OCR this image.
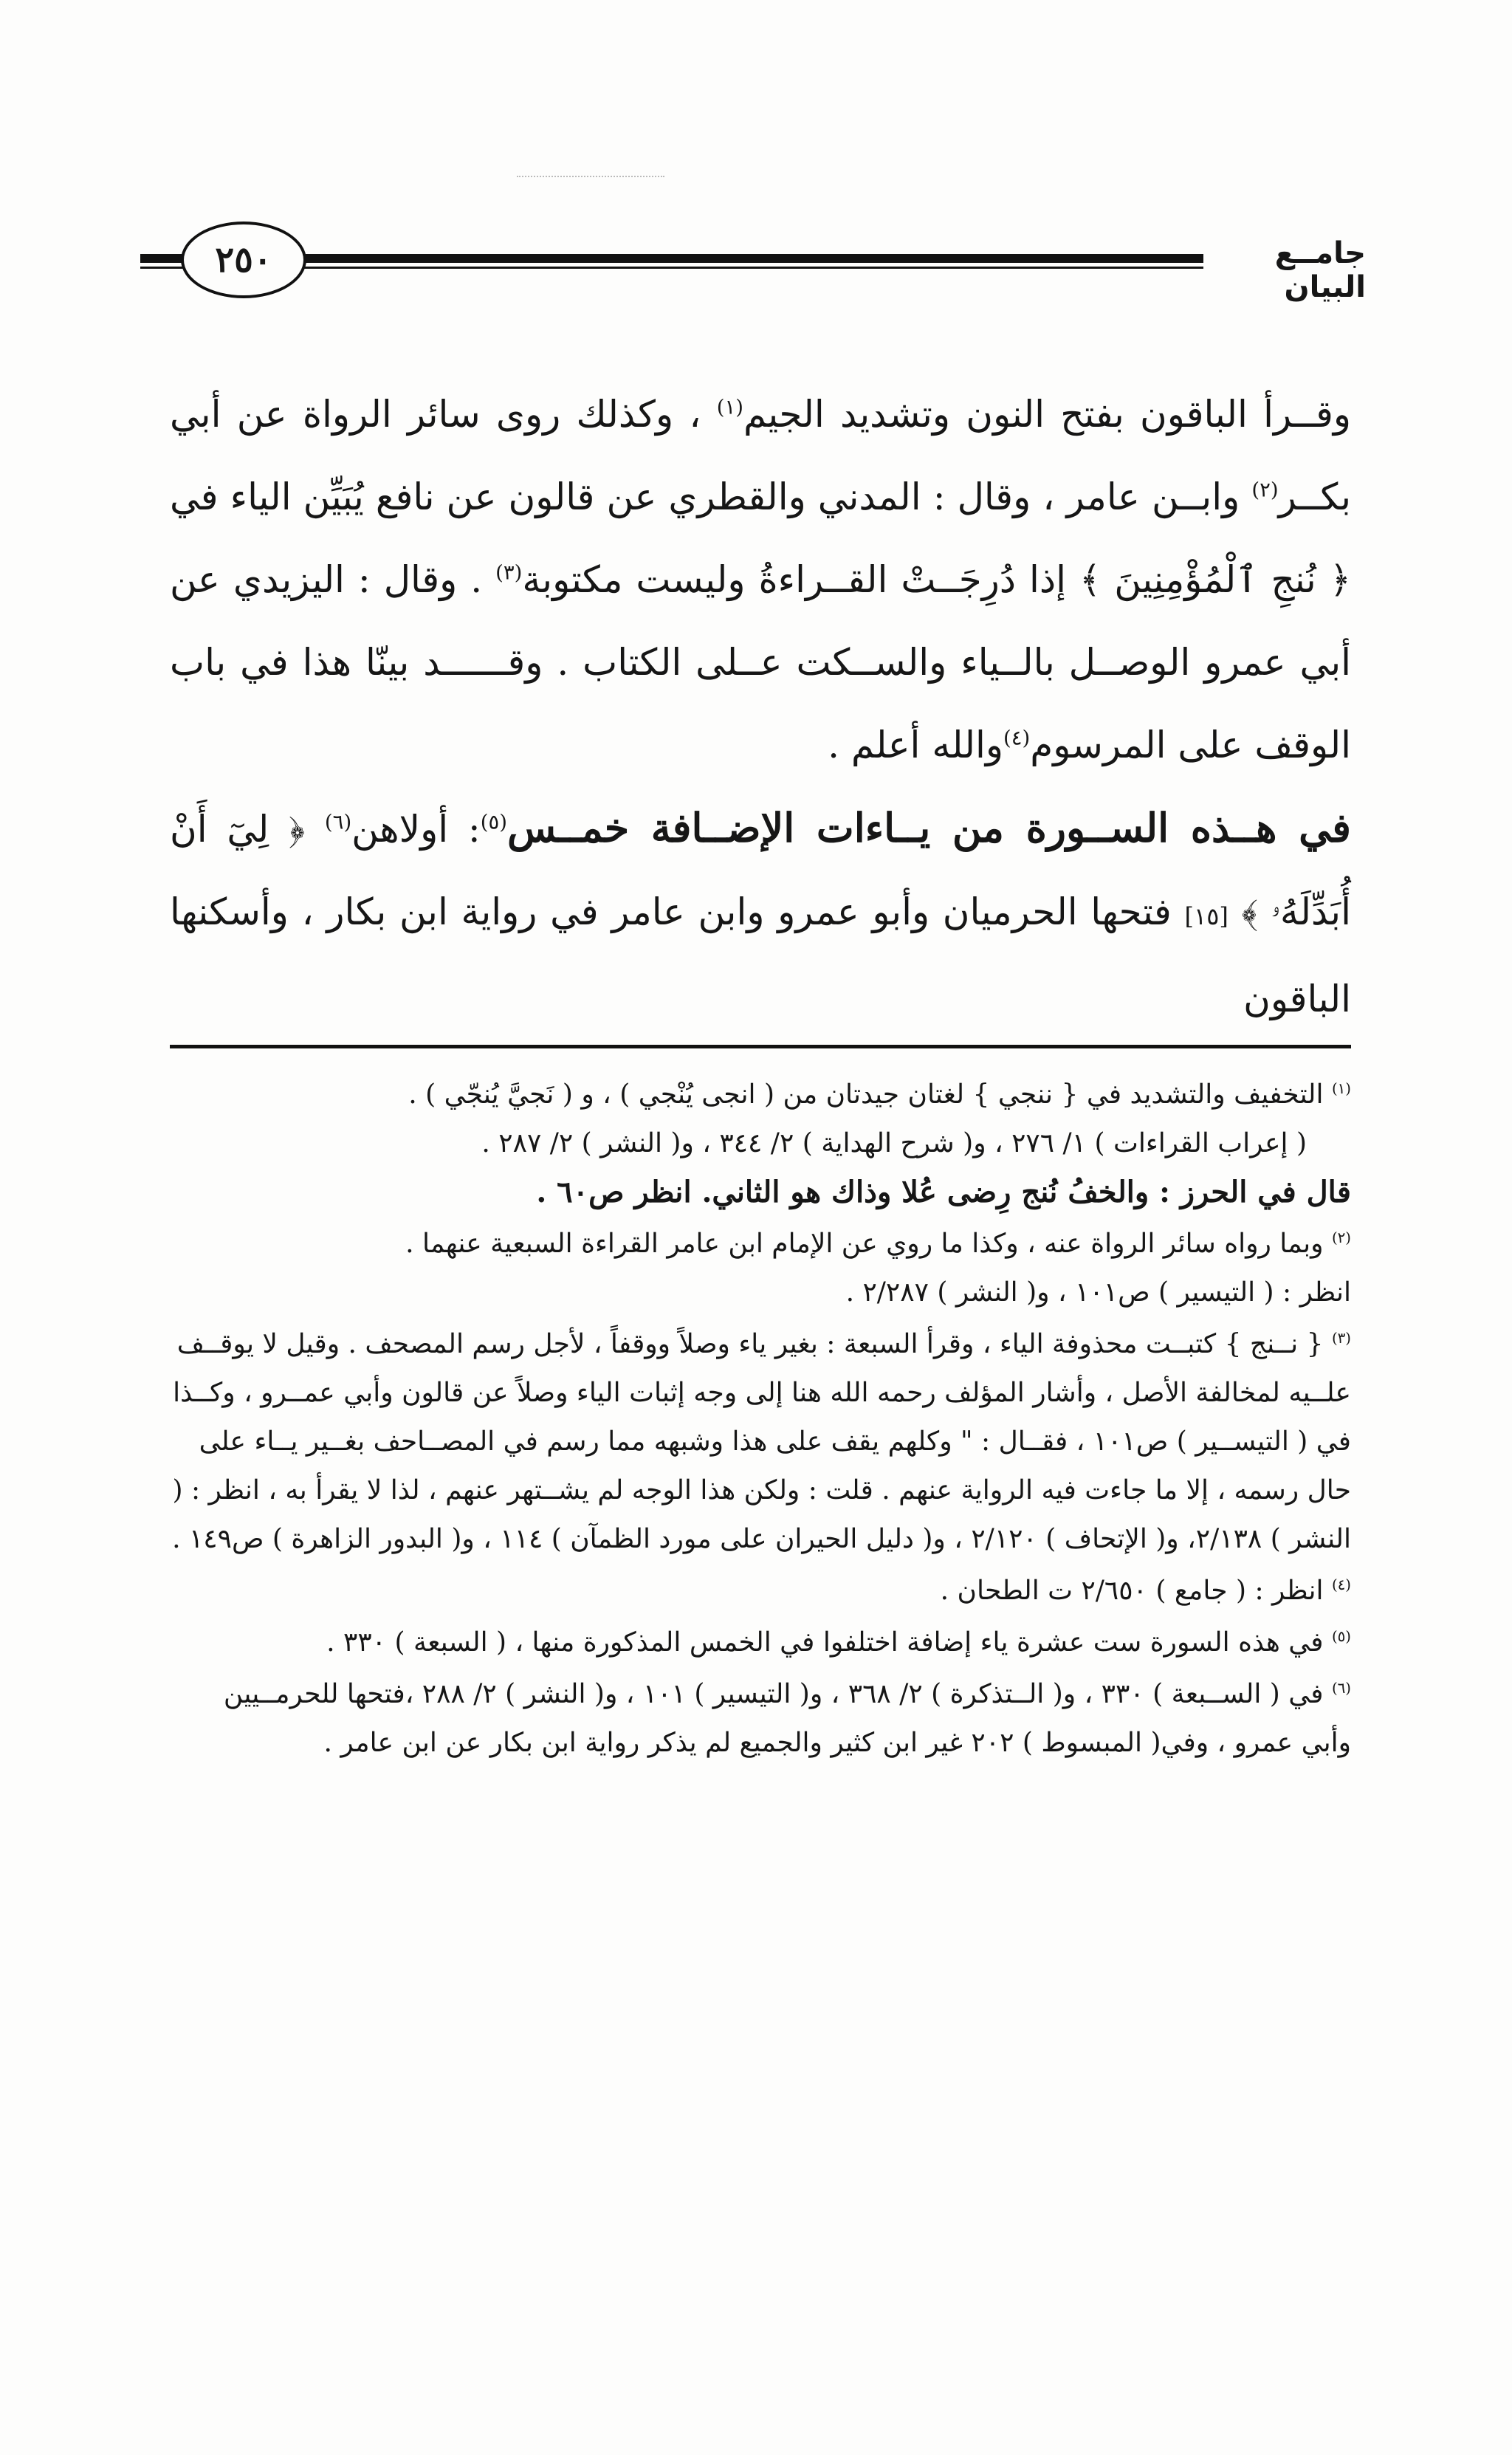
٢٥٠	جامــع البيان

وقــرأ الباقون بفتح النون وتشديد الجيم$^{(١)}$ ، وكذلك روى سائر الرواة عن أبي بكــر$^{(٢)}$ وابــن عامر ، وقال : المدني والقطري عن قالون عن نافع يُبَيِّن الياء في ﴿ نُنجِ ٱلْمُؤْمِنِينَ ﴾ إذا دُرِجَــتْ القــراءةُ وليست مكتوبة$^{(٣)}$ . وقال : اليزيدي عن أبي عمرو الوصــل بالــياء والســكت عــلى الكتاب . وقــــــد بينّا هذا في باب الوقف على المرسوم$^{(٤)}$والله أعلم .

في هــذه الســورة من يــاءات الإضــافة خمــس$^{(٥)}$: أولاهن$^{(٦)}$ ﴿ لِيٓ أَنْ أُبَدِّلَهُۥ ﴾ [١٥] فتحها الحرميان وأبو عمرو وابن عامر في رواية ابن بكار ، وأسكنها الباقون

$^{(١)}$ التخفيف والتشديد في { ننجي } لغتان جيدتان من ( انجى يُنْجي ) ، و ( نَجيَّ يُنجّي ) .
( إعراب القراءات ) ١/ ٢٧٦ ، و( شرح الهداية ) ٢/ ٣٤٤ ، و( النشر ) ٢/ ٢٨٧ .
قال في الحرز : والخفُ نُنج رِضى عُلا وذاك هو الثاني. انظر ص٦٠ .
$^{(٢)}$ وبما رواه سائر الرواة عنه ، وكذا ما روي عن الإمام ابن عامر القراءة السبعية عنهما .
انظر : ( التيسير ) ص١٠١ ، و( النشر ) ٢/٢٨٧ .
$^{(٣)}$ { نــنج } كتبــت محذوفة الياء ، وقرأ السبعة : بغير ياء وصلاً ووقفاً ، لأجل رسم المصحف . وقيل لا يوقــف علــيه لمخالفة الأصل ، وأشار المؤلف رحمه الله هنا إلى وجه إثبات الياء وصلاً عن قالون وأبي عمــرو ، وكــذا في ( التيســير ) ص١٠١ ، فقــال : " وكلهم يقف على هذا وشبهه مما رسم في المصــاحف بغــير يــاء على حال رسمه ، إلا ما جاءت فيه الرواية عنهم . قلت : ولكن هذا الوجه لم يشــتهر عنهم ، لذا لا يقرأ به ، انظر : ( النشر ) ٢/١٣٨، و( الإتحاف ) ٢/١٢٠ ، و( دليل الحيران على مورد الظمآن ) ١١٤ ، و( البدور الزاهرة ) ص١٤٩ .
$^{(٤)}$ انظر : ( جامع ) ٢/٦٥٠ ت الطحان .
$^{(٥)}$ في هذه السورة ست عشرة ياء إضافة اختلفوا في الخمس المذكورة منها ، ( السبعة ) ٣٣٠ .
$^{(٦)}$ في ( الســبعة ) ٣٣٠ ، و( الــتذكرة ) ٢/ ٣٦٨ ، و( التيسير ) ١٠١ ، و( النشر ) ٢/ ٢٨٨ ،فتحها للحرمــيين وأبي عمرو ، وفي( المبسوط ) ٢٠٢ غير ابن كثير والجميع لم يذكر رواية ابن بكار عن ابن عامر .
